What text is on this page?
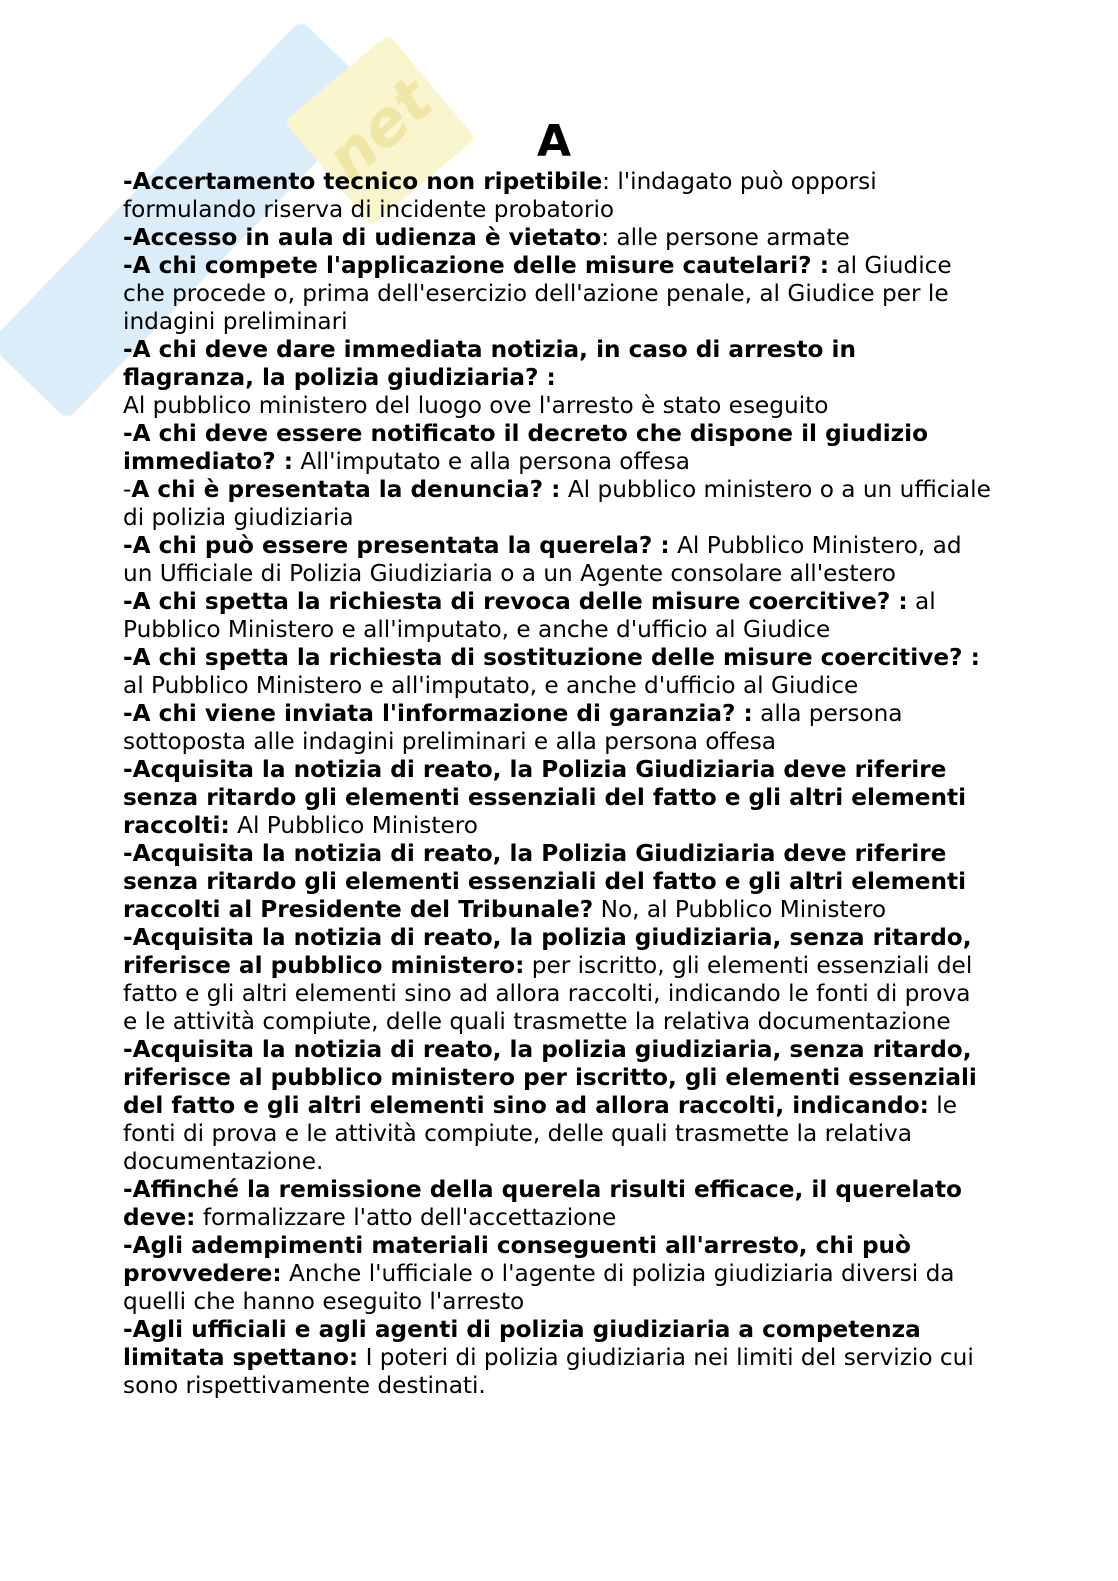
net	A
-Accertamento tecnico non ripetibile: l'indagato può opporsi
formulando riserva di incidente probatorio
-Accesso in aula di udienza è vietato: alle persone armate
-A chi compete l'applicazione delle misure cautelari? : al Giudice
che procede o, prima dell'esercizio dell'azione penale, al Giudice per le
indagini preliminari
-A chi deve dare immediata notizia, in caso di arresto in
flagranza, la polizia giudiziaria? :
Al pubblico ministero del luogo ove l'arresto è stato eseguito
-A chi deve essere notificato il decreto che dispone il giudizio
immediato? : All'imputato e alla persona offesa
-A chi è presentata la denuncia? : Al pubblico ministero o a un ufficiale
di polizia giudiziaria
-A chi può essere presentata la querela? : Al Pubblico Ministero, ad
un Ufficiale di Polizia Giudiziaria o a un Agente consolare all'estero
-A chi spetta la richiesta di revoca delle misure coercitive? : al
Pubblico Ministero e all'imputato, e anche d'ufficio al Giudice
-A chi spetta la richiesta di sostituzione delle misure coercitive? :
al Pubblico Ministero e all'imputato, e anche d'ufficio al Giudice
-A chi viene inviata l'informazione di garanzia? : alla persona
sottoposta alle indagini preliminari e alla persona offesa
-Acquisita la notizia di reato, la Polizia Giudiziaria deve riferire
senza ritardo gli elementi essenziali del fatto e gli altri elementi
raccolti: Al Pubblico Ministero
-Acquisita la notizia di reato, la Polizia Giudiziaria deve riferire
senza ritardo gli elementi essenziali del fatto e gli altri elementi
raccolti al Presidente del Tribunale? No, al Pubblico Ministero
-Acquisita la notizia di reato, la polizia giudiziaria, senza ritardo,
riferisce al pubblico ministero: per iscritto, gli elementi essenziali del
fatto e gli altri elementi sino ad allora raccolti, indicando le fonti di prova
e le attività compiute, delle quali trasmette la relativa documentazione
-Acquisita la notizia di reato, la polizia giudiziaria, senza ritardo,
riferisce al pubblico ministero per iscritto, gli elementi essenziali
del fatto e gli altri elementi sino ad allora raccolti, indicando: le
fonti di prova e le attività compiute, delle quali trasmette la relativa
documentazione.
-Affinché la remissione della querela risulti efficace, il querelato
deve: formalizzare l'atto dell'accettazione
-Agli adempimenti materiali conseguenti all'arresto, chi può
provvedere: Anche l'ufficiale o l'agente di polizia giudiziaria diversi da
quelli che hanno eseguito l'arresto
-Agli ufficiali e agli agenti di polizia giudiziaria a competenza
limitata spettano: I poteri di polizia giudiziaria nei limiti del servizio cui
sono rispettivamente destinati.
